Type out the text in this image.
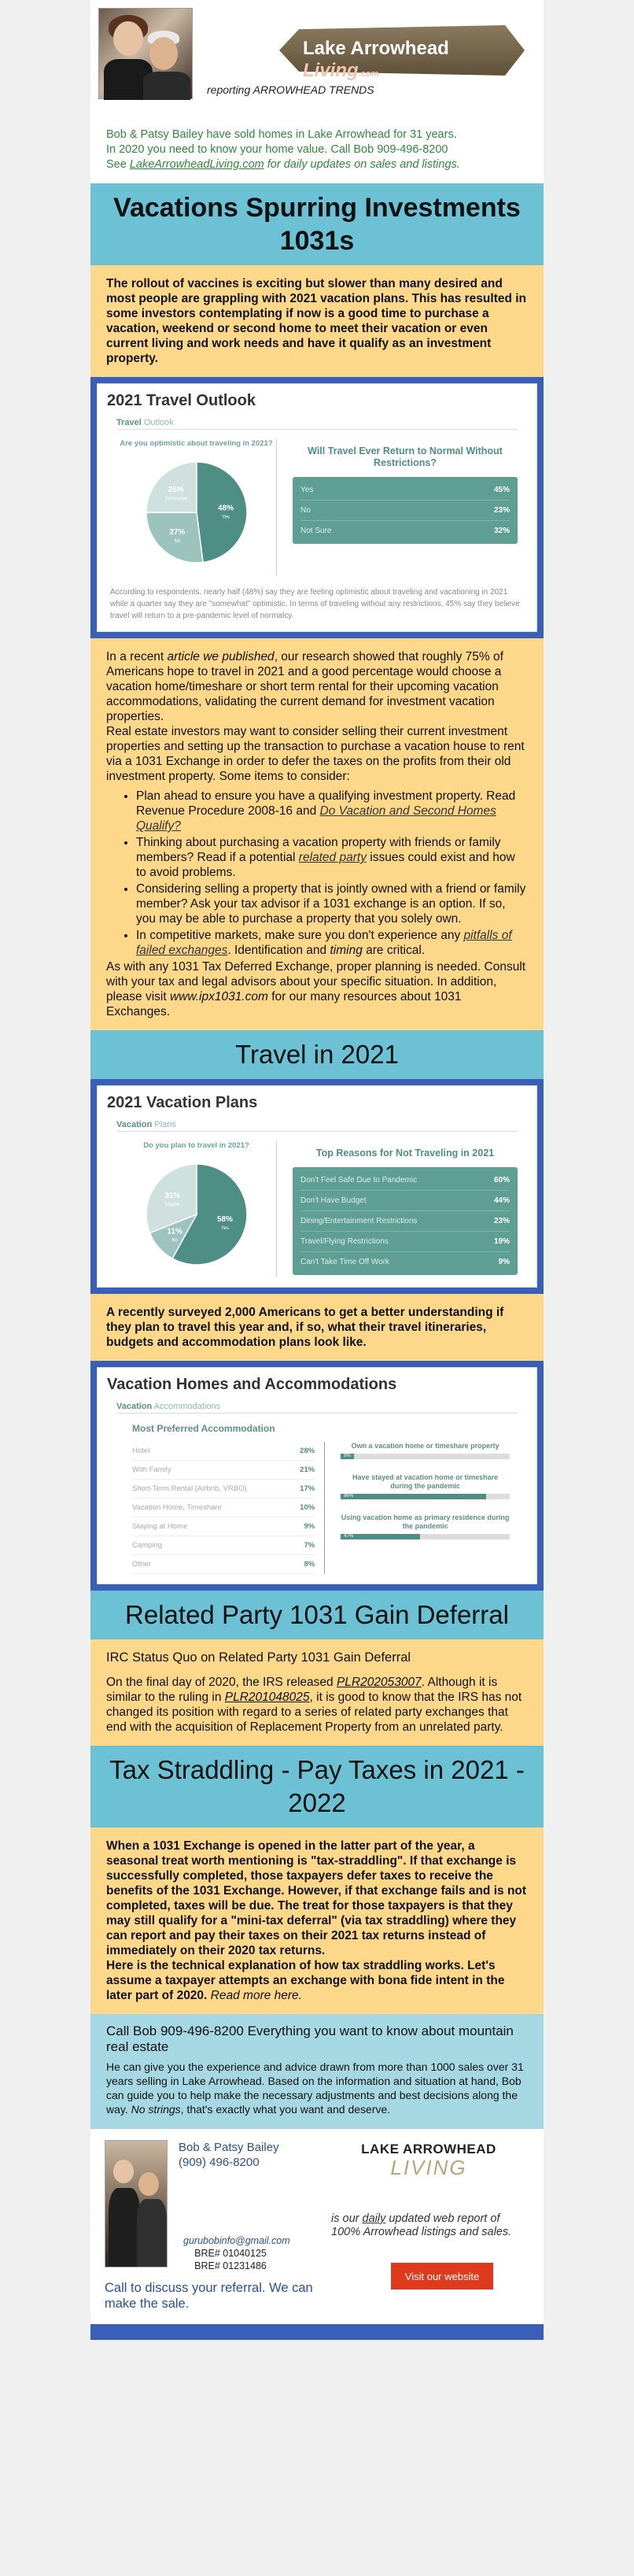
Lake Arrowhead Living.com
reporting ARROWHEAD TRENDS
Bob & Patsy Bailey have sold homes in Lake Arrowhead for 31 years.
In 2020 you need to know your home value. Call Bob 909-496-8200
See LakeArrowheadLiving.com for daily updates on sales and listings.
Vacations Spurring Investments 1031s

The rollout of vaccines is exciting but slower than many desired and most people are grappling with 2021 vacation plans. This has resulted in some investors contemplating if now is a good time to purchase a vacation, weekend or second home to meet their vacation or even current living and work needs and have it qualify as an investment property.

2021 Travel Outlook
Travel Outlook
Are you optimistic about traveling in 2021?
48%
Yes
27%
No
25%
Somewhat
Will Travel Ever Return to Normal Without Restrictions?
Yes	45%
No	23%
Not Sure	32%
According to respondents, nearly half (48%) say they are feeling optimistic about traveling and vacationing in 2021 while a quarter say they are "somewhat" optimistic. In terms of traveling without any restrictions, 45% say they believe travel will return to a pre-pandemic level of normalcy.

In a recent article we published, our research showed that roughly 75% of Americans hope to travel in 2021 and a good percentage would choose a vacation home/timeshare or short term rental for their upcoming vacation accommodations, validating the current demand for investment vacation properties.

Real estate investors may want to consider selling their current investment properties and setting up the transaction to purchase a vacation house to rent via a 1031 Exchange in order to defer the taxes on the profits from their old investment property. Some items to consider:

• Plan ahead to ensure you have a qualifying investment property. Read Revenue Procedure 2008-16 and Do Vacation and Second Homes Qualify?
• Thinking about purchasing a vacation property with friends or family members? Read if a potential related party issues could exist and how to avoid problems.
• Considering selling a property that is jointly owned with a friend or family member? Ask your tax advisor if a 1031 exchange is an option. If so, you may be able to purchase a property that you solely own.
• In competitive markets, make sure you don't experience any pitfalls of failed exchanges. Identification and timing are critical.

As with any 1031 Tax Deferred Exchange, proper planning is needed. Consult with your tax and legal advisors about your specific situation. In addition, please visit www.ipx1031.com for our many resources about 1031 Exchanges.

Travel in 2021
2021 Vacation Plans
Vacation Plans
Do you plan to travel in 2021?
58%
Yes
11%
No
31%
Maybe
Top Reasons for Not Traveling in 2021
Don't Feel Safe Due to Pandemic	60%
Don't Have Budget	44%
Dining/Entertainment Restrictions	23%
Travel/Flying Restrictions	19%
Can't Take Time Off Work	9%

A recently surveyed 2,000 Americans to get a better understanding if they plan to travel this year and, if so, what their travel itineraries, budgets and accommodation plans look like.

Vacation Homes and Accommodations
Vacation Accommodations
Most Preferred Accommodation
Hotel	28%
With Family	21%
Short-Term Rental (Airbnb, VRBO)	17%
Vacation Home, Timeshare	10%
Staying at Home	9%
Camping	7%
Other	8%
Own a vacation home or timeshare property
8%
Have stayed at vacation home or timeshare during the pandemic
86%
Using vacation home as primary residence during the pandemic
47%
Related Party 1031 Gain Deferral

IRC Status Quo on Related Party 1031 Gain Deferral

On the final day of 2020, the IRS released PLR202053007. Although it is similar to the ruling in PLR201048025, it is good to know that the IRS has not changed its position with regard to a series of related party exchanges that end with the acquisition of Replacement Property from an unrelated party.

Tax Straddling - Pay Taxes in 2021 - 2022

When a 1031 Exchange is opened in the latter part of the year, a seasonal treat worth mentioning is "tax-straddling". If that exchange is successfully completed, those taxpayers defer taxes to receive the benefits of the 1031 Exchange. However, if that exchange fails and is not completed, taxes will be due. The treat for those taxpayers is that they may still qualify for a "mini-tax deferral" (via tax straddling) where they can report and pay their taxes on their 2021 tax returns instead of immediately on their 2020 tax returns.

Here is the technical explanation of how tax straddling works. Let's assume a taxpayer attempts an exchange with bona fide intent in the later part of 2020. Read more here.

Call Bob 909-496-8200 Everything you want to know about mountain real estate
He can give you the experience and advice drawn from more than 1000 sales over 31 years selling in Lake Arrowhead. Based on the information and situation at hand, Bob can guide you to help make the necessary adjustments and best decisions along the way. No strings, that's exactly what you want and deserve.
Bob & Patsy Bailey
(909) 496-8200
gurubobinfo@gmail.com
BRE# 01040125
BRE# 01231486
LAKE ARROWHEAD
LIVING
is our daily updated web report of 100% Arrowhead listings and sales.
Visit our website
Call to discuss your referral. We can make the sale.
